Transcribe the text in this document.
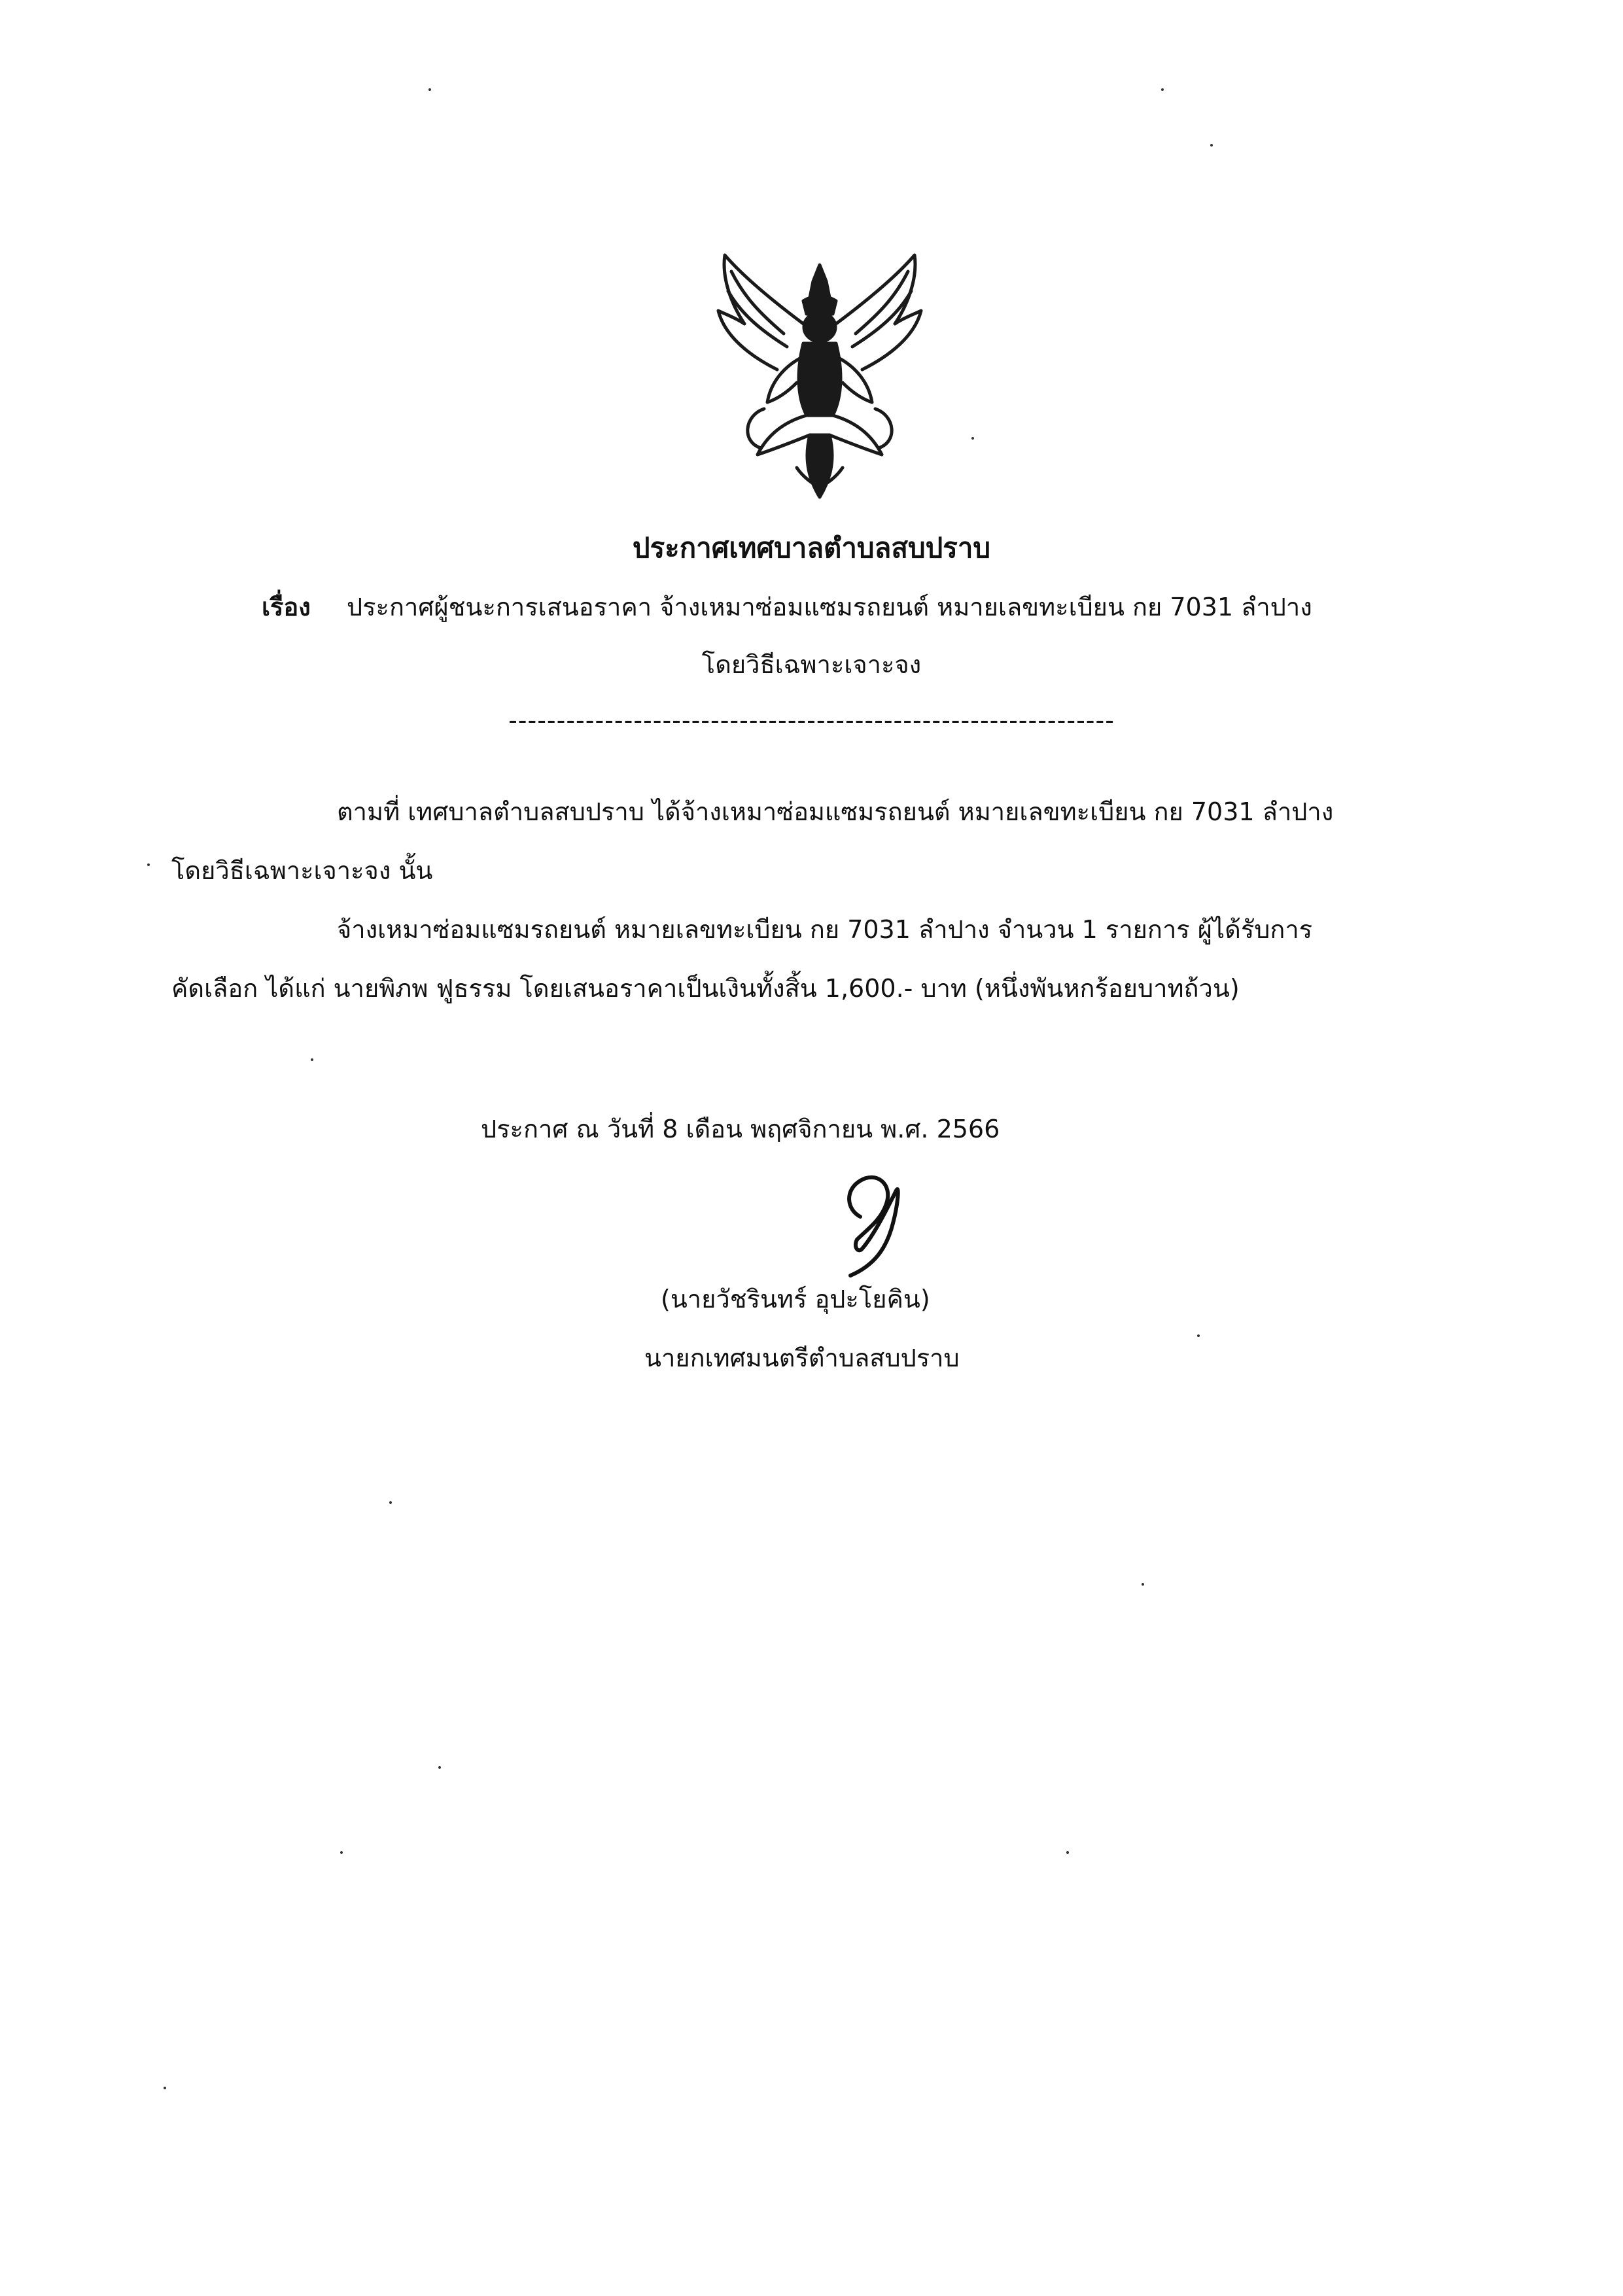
ประกาศเทศบาลตำบลสบปราบ

เรื่อง ประกาศผู้ชนะการเสนอราคา จ้างเหมาซ่อมแซมรถยนต์ หมายเลขทะเบียน กย 7031 ลำปาง

โดยวิธีเฉพาะเจาะจง

---------------------------------------------------------------

ตามที่ เทศบาลตำบลสบปราบ ได้จ้างเหมาซ่อมแซมรถยนต์ หมายเลขทะเบียน กย 7031 ลำปาง

โดยวิธีเฉพาะเจาะจง นั้น

จ้างเหมาซ่อมแซมรถยนต์ หมายเลขทะเบียน กย 7031 ลำปาง จำนวน 1 รายการ ผู้ได้รับการ

คัดเลือก ได้แก่ นายพิภพ ฟูธรรม โดยเสนอราคาเป็นเงินทั้งสิ้น 1,600.- บาท (หนึ่งพันหกร้อยบาทถ้วน)

ประกาศ ณ วันที่ 8 เดือน พฤศจิกายน พ.ศ. 2566

(นายวัชรินทร์ อุปะโยคิน)

นายกเทศมนตรีตำบลสบปราบ
